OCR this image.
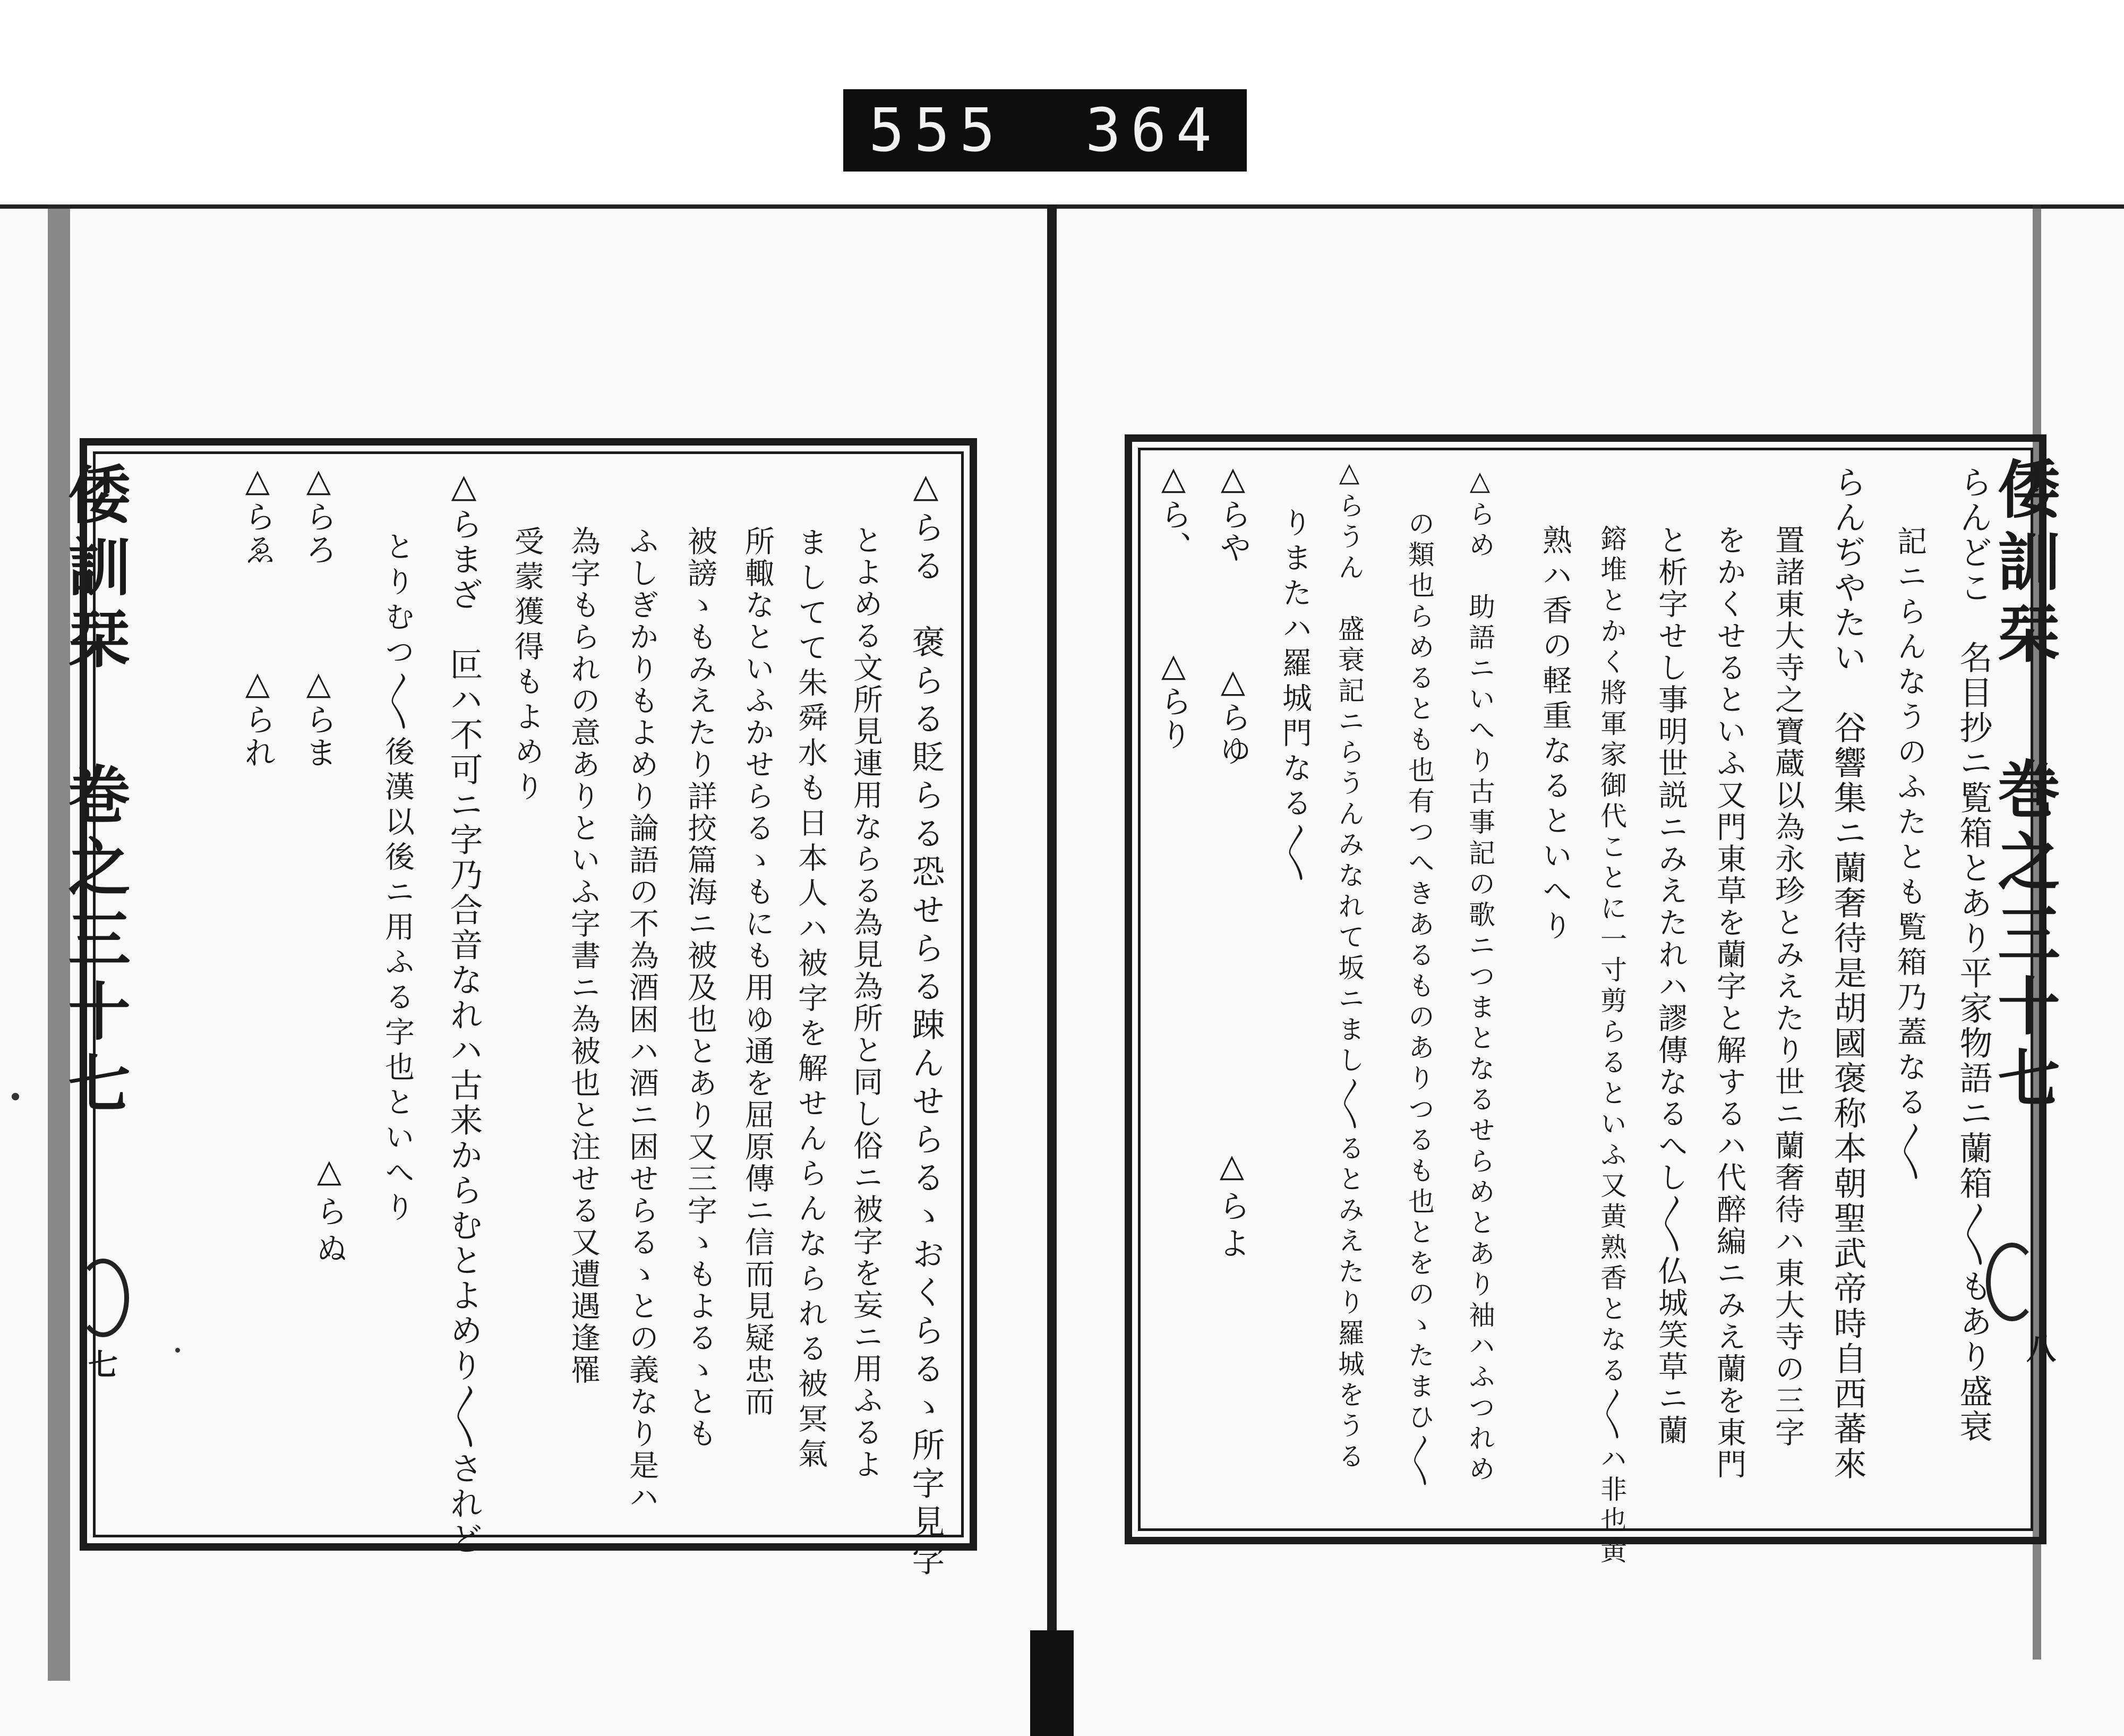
555 364
倭訓栞 巻之三十七	倭訓栞 巻之三十七
七
八
△らる　褒らる貶らる恐せらる踈んせらるゝおくらるゝ所字見字
とよめる文所見連用ならる為見為所と同し俗ニ被字を妄ニ用ふるよ
ましてて朱舜水も日本人ハ被字を解せんらんなられる被冥氣
所輙なといふかせらるゝもにも用ゆ通を屈原傳ニ信而見疑忠而
被謗ゝもみえたり詳挍篇海ニ被及也とあり又三字ゝもよるゝとも
ふしぎかりもよめり論語の不為酒困ハ酒ニ困せらるゝとの義なり是ハ
為字もられの意ありといふ字書ニ為被也と注せる又遭遇逢罹
受蒙獲得もよめり
△らまざ　叵ハ不可ニ字乃合音なれハ古来からむとよめり〳〵されど
とりむつ〳〵後漢以後ニ用ふる字也といへり
△らろ　　　△らま
△らゑ　　　△られ
△らぬ	らんどこ　名目抄ニ覧箱とあり平家物語ニ蘭箱〳〵もあり盛衰
記ニらんなうのふたとも覧箱乃蓋なる〳〵
らんぢやたい　谷響集ニ蘭奢待是胡國褒称本朝聖武帝時自西蕃來
置諸東大寺之寶蔵以為永珍とみえたり世ニ蘭奢待ハ東大寺の三字
をかくせるといふ又門東草を蘭字と解するハ代醉編ニみえ蘭を東門
と析字せし事明世説ニみえたれハ謬傳なるへし〳〵仏城笑草ニ蘭
鎔堆とかく將軍家御代ことに一寸剪らるといふ又黄熟香となる〳〵ハ非也黄
熟ハ香の軽重なるといへり
△らめ　助語ニいへり古事記の歌ニつまとなるせらめとあり袖ハふつれめ
の類也らめるとも也有つへきあるものありつるも也とをのゝたまひ〳〵
△らうん　盛衰記ニらうんみなれて坂ニまし〳〵るとみえたり羅城をうる
りまたハ羅城門なる〳〵
△らや　　　△らゆ
△ら、　　　△らり
△らよ
